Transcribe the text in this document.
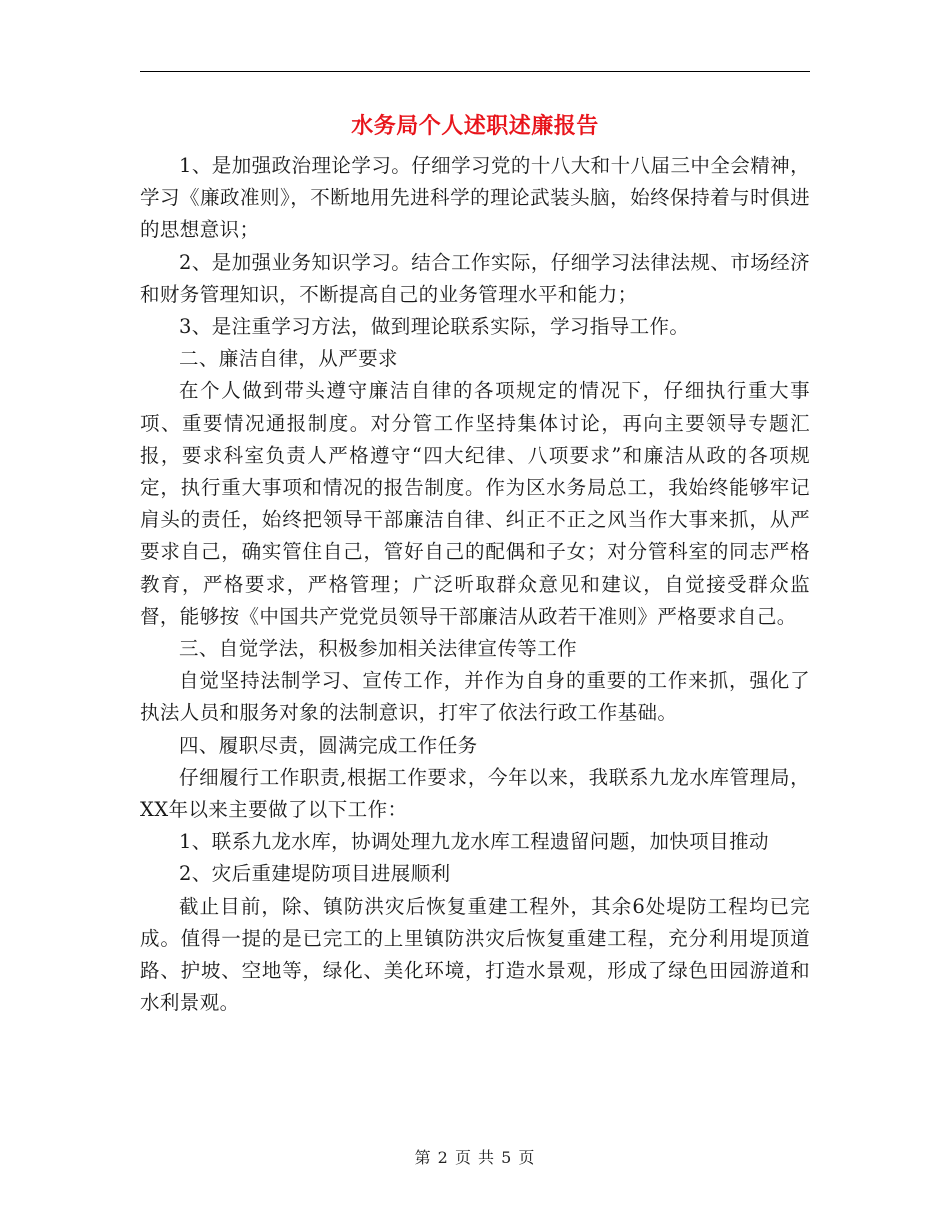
水务局个人述职述廉报告

1、是加强政治理论学习。仔细学习党的十八大和十八届三中全会精神，学习《廉政准则》，不断地用先进科学的理论武装头脑，始终保持着与时俱进的思想意识；

2、是加强业务知识学习。结合工作实际，仔细学习法律法规、市场经济和财务管理知识，不断提高自己的业务管理水平和能力；

3、是注重学习方法，做到理论联系实际，学习指导工作。

二、廉洁自律，从严要求

在个人做到带头遵守廉洁自律的各项规定的情况下，仔细执行重大事项、重要情况通报制度。对分管工作坚持集体讨论，再向主要领导专题汇报，要求科室负责人严格遵守“四大纪律、八项要求”和廉洁从政的各项规定，执行重大事项和情况的报告制度。作为区水务局总工，我始终能够牢记肩头的责任，始终把领导干部廉洁自律、纠正不正之风当作大事来抓，从严要求自己，确实管住自己，管好自己的配偶和子女；对分管科室的同志严格教育，严格要求，严格管理；广泛听取群众意见和建议，自觉接受群众监督，能够按《中国共产党党员领导干部廉洁从政若干准则》严格要求自己。

三、自觉学法，积极参加相关法律宣传等工作

自觉坚持法制学习、宣传工作，并作为自身的重要的工作来抓，强化了执法人员和服务对象的法制意识，打牢了依法行政工作基础。

四、履职尽责，圆满完成工作任务

仔细履行工作职责,根据工作要求，今年以来，我联系九龙水库管理局，XX年以来主要做了以下工作：

1、联系九龙水库，协调处理九龙水库工程遗留问题，加快项目推动

2、灾后重建堤防项目进展顺利

截止目前，除、镇防洪灾后恢复重建工程外，其余6处堤防工程均已完成。值得一提的是已完工的上里镇防洪灾后恢复重建工程，充分利用堤顶道路、护坡、空地等，绿化、美化环境，打造水景观，形成了绿色田园游道和水利景观。

第 2 页 共 5 页
